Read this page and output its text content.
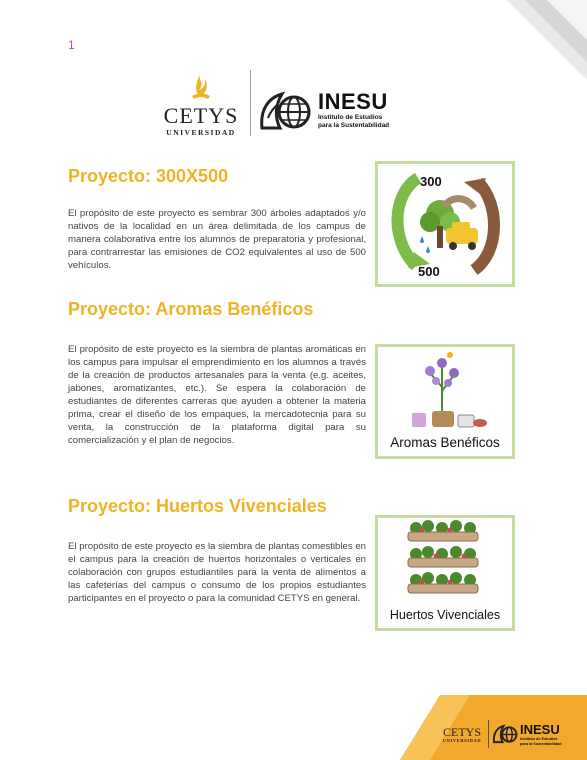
1
CETYS
UNIVERSIDAD
INESU
Instituto de Estudios
para la Sustentabilidad
Proyecto: 300X500
El propósito de este proyecto es sembrar 300 árboles adaptados y/o nativos de la localidad en un área delimitada de los campus de manera colaborativa entre los alumnos de preparatoria y profesional, para contrarrestar las emisiones de CO2 equivalentes al uso de 500 vehículos.
300
500
Proyecto: Aromas Benéficos
El propósito de este proyecto es la siembra de plantas aromáticas en los campus para impulsar el emprendimiento en los alumnos a través de la creación de productos artesanales para la venta (e.g. aceites, jabones, aromatizantes, etc.). Se espera la colaboración de estudiantes de diferentes carreras que ayuden a obtener la materia prima, crear el diseño de los empaques, la mercadotecnia para su venta, la construcción de la plataforma digital para su comercialización y el plan de negocios.	Aromas Benéficos
Proyecto: Huertos Vivenciales
El propósito de este proyecto es la siembra de plantas comestibles en el campus para la creación de huertos horizontales o verticales en colaboración con grupos estudiantiles para la venta de alimentos a las cafeterías del campus o consumo de los propios estudiantes participantes en el proyecto o para la comunidad CETYS en general.
Huertos Vivenciales
CETYS
UNIVERSIDAD
INESU
Instituto de Estudios
para la Sustentabilidad
